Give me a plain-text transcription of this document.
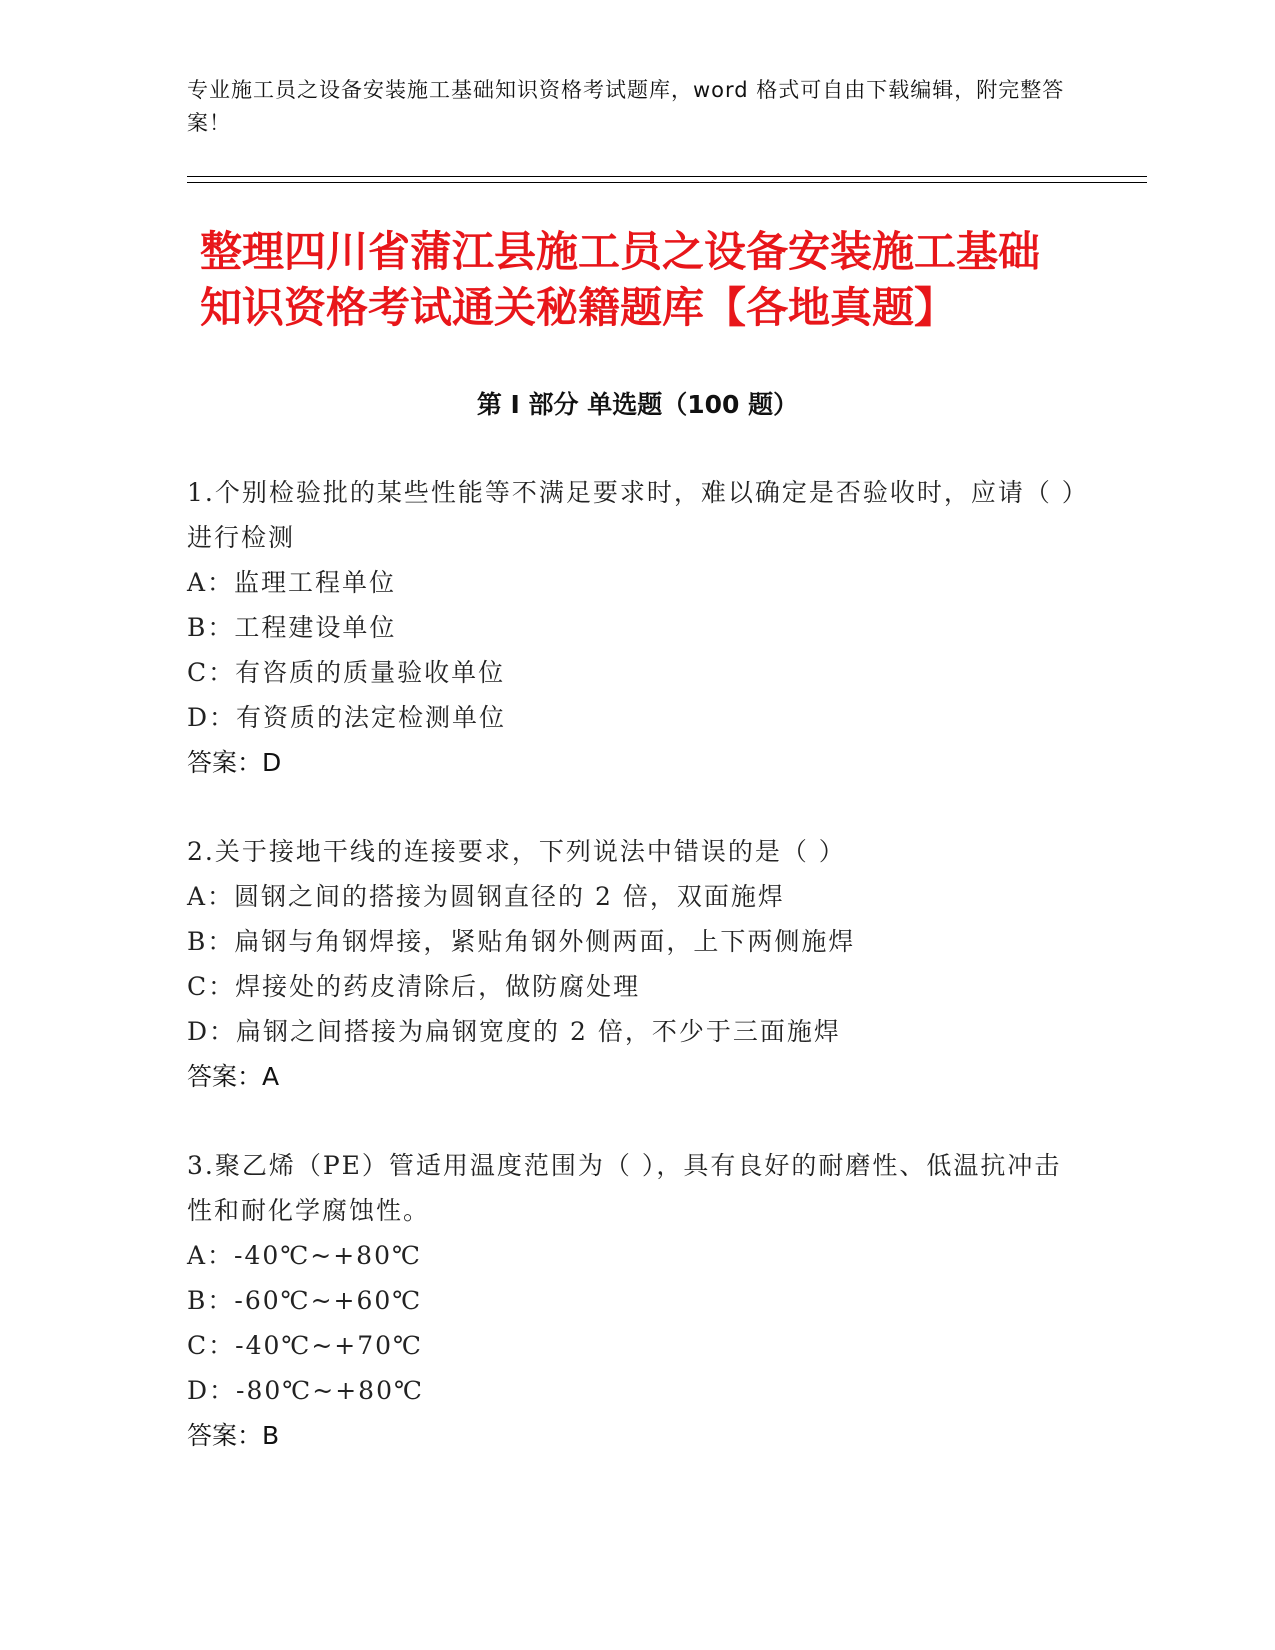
专业施工员之设备安装施工基础知识资格考试题库，word 格式可自由下载编辑，附完整答案！

整理四川省蒲江县施工员之设备安装施工基础知识资格考试通关秘籍题库【各地真题】
第 I 部分 单选题（100 题）

1.个别检验批的某些性能等不满足要求时，难以确定是否验收时，应请（ ）进行检测

A：监理工程单位

B：工程建设单位

C：有咨质的质量验收单位

D：有资质的法定检测单位

答案：D

2.关于接地干线的连接要求，下列说法中错误的是（ ）

A：圆钢之间的搭接为圆钢直径的 2 倍，双面施焊

B：扁钢与角钢焊接，紧贴角钢外侧两面，上下两侧施焊

C：焊接处的药皮清除后，做防腐处理

D：扁钢之间搭接为扁钢宽度的 2 倍，不少于三面施焊

答案：A

3.聚乙烯（PE）管适用温度范围为（ ），具有良好的耐磨性、低温抗冲击性和耐化学腐蚀性。

A：-40℃~+80℃

B：-60℃~+60℃

C：-40℃~+70℃

D：-80℃~+80℃

答案：B
